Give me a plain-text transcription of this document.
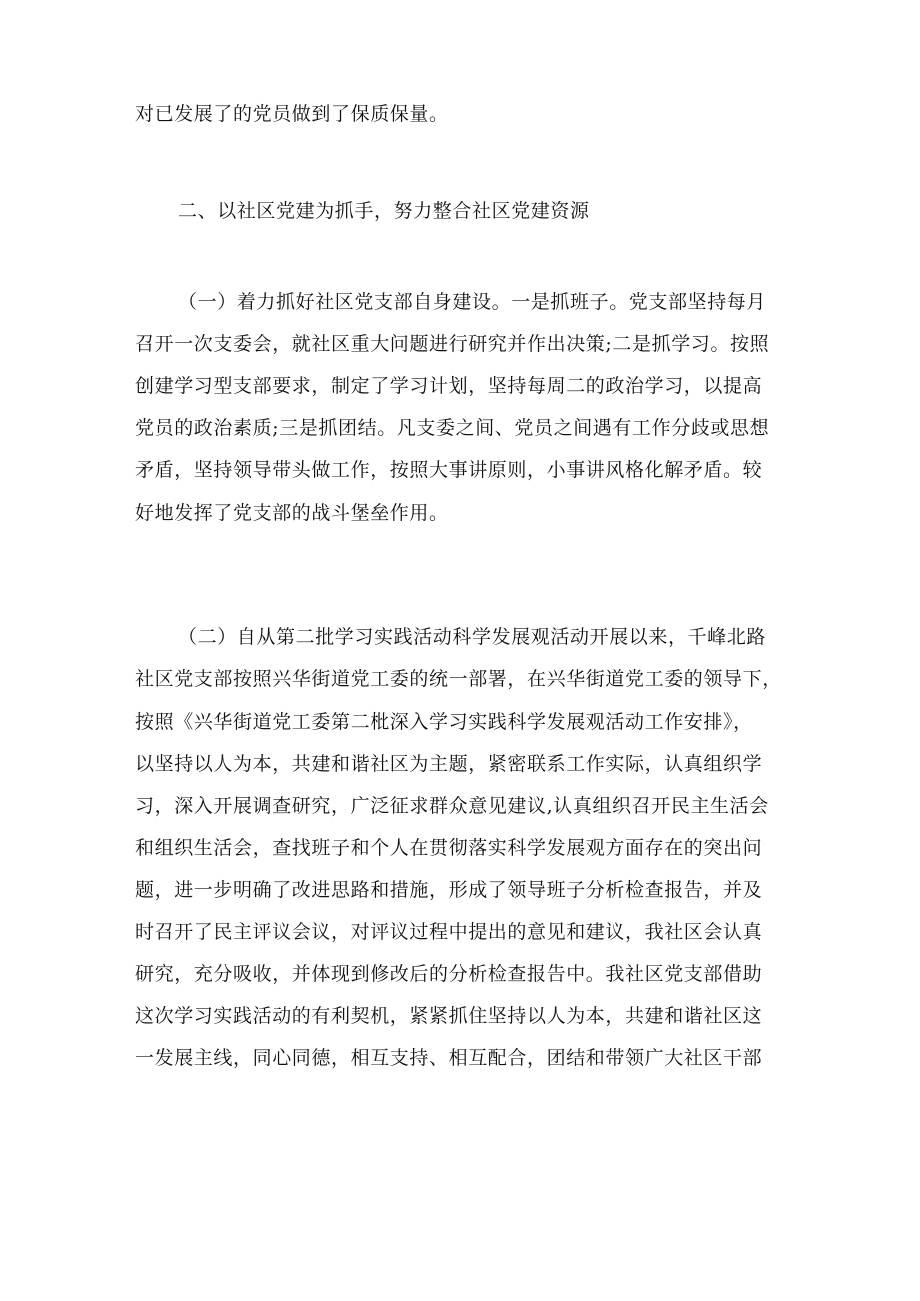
对已发展了的党员做到了保质保量。
二、以社区党建为抓手，努力整合社区党建资源
（一）着力抓好社区党支部自身建设。一是抓班子。党支部坚持每月
召开一次支委会，就社区重大问题进行研究并作出决策;二是抓学习。按照
创建学习型支部要求，制定了学习计划，坚持每周二的政治学习，以提高
党员的政治素质;三是抓团结。凡支委之间、党员之间遇有工作分歧或思想
矛盾，坚持领导带头做工作，按照大事讲原则，小事讲风格化解矛盾。较
好地发挥了党支部的战斗堡垒作用。
（二）自从第二批学习实践活动科学发展观活动开展以来，千峰北路
社区党支部按照兴华街道党工委的统一部署，在兴华街道党工委的领导下，
按照《兴华街道党工委第二枇深入学习实践科学发展观活动工作安排》，
以坚持以人为本，共建和谐社区为主题，紧密联系工作实际，认真组织学
习，深入开展调查研究，广泛征求群众意见建议,认真组织召开民主生活会
和组织生活会，查找班子和个人在贯彻落实科学发展观方面存在的突出问
题，进一步明确了改进思路和措施，形成了领导班子分析检查报告，并及
时召开了民主评议会议，对评议过程中提出的意见和建议，我社区会认真
研究，充分吸收，并体现到修改后的分析检查报告中。我社区党支部借助
这次学习实践活动的有利契机，紧紧抓住坚持以人为本，共建和谐社区这
一发展主线，同心同德，相互支持、相互配合，团结和带领广大社区干部
